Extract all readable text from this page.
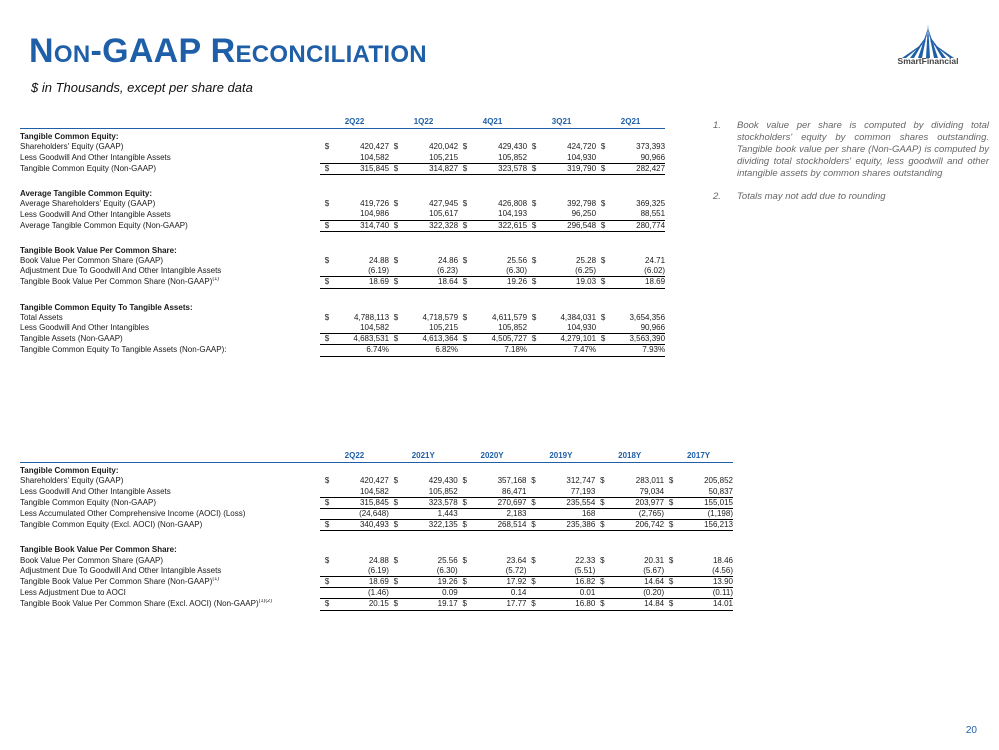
Non-GAAP Reconciliation
$ in Thousands, except per share data
SmartFinancial
1.	Book value per share is computed by dividing total stockholders' equity by common shares outstanding. Tangible book value per share (Non-GAAP) is computed by dividing total stockholders' equity, less goodwill and other intangible assets by common shares outstanding
2.	Totals may not add due to rounding
	2Q22		1Q22		4Q21		3Q21		2Q21	

Tangible Common Equity:										
Shareholders' Equity (GAAP)	$	420,427	$	420,042	$	429,430	$	424,720	$	373,393
Less Goodwill And Other Intangible Assets		104,582		105,215		105,852		104,930		90,966
Tangible Common Equity (Non-GAAP)	$	315,845	$	314,827	$	323,578	$	319,790	$	282,427

Average Tangible Common Equity:										
Average Shareholders' Equity (GAAP)	$	419,726	$	427,945	$	426,808	$	392,798	$	369,325
Less Goodwill And Other Intangible Assets		104,986		105,617		104,193		96,250		88,551
Average Tangible Common Equity (Non-GAAP)	$	314,740	$	322,328	$	322,615	$	296,548	$	280,774

Tangible Book Value Per Common Share:										
Book Value Per Common Share (GAAP)	$	24.88	$	24.86	$	25.56	$	25.28	$	24.71
Adjustment Due To Goodwill And Other Intangible Assets		(6.19)		(6.23)		(6.30)		(6.25)		(6.02)
Tangible Book Value Per Common Share (Non-GAAP)$^{(1)}$	$	18.69	$	18.64	$	19.26	$	19.03	$	18.69

Tangible Common Equity To Tangible Assets:										
Total Assets	$	4,788,113	$	4,718,579	$	4,611,579	$	4,384,031	$	3,654,356
Less Goodwill And Other Intangibles		104,582		105,215		105,852		104,930		90,966
Tangible Assets (Non-GAAP)	$	4,683,531	$	4,613,364	$	4,505,727	$	4,279,101	$	3,563,390
Tangible Common Equity To Tangible Assets (Non-GAAP):		6.74%		6.82%		7.18%		7.47%		7.93%
	2Q22		2021Y		2020Y		2019Y		2018Y		2017Y	

Tangible Common Equity:												
Shareholders' Equity (GAAP)	$	420,427	$	429,430	$	357,168	$	312,747	$	283,011	$	205,852
Less Goodwill And Other Intangible Assets		104,582		105,852		86,471		77,193		79,034		50,837
Tangible Common Equity (Non-GAAP)	$	315,845	$	323,578	$	270,697	$	235,554	$	203,977	$	155,015
Less Accumulated Other Comprehensive Income (AOCI) (Loss)		(24,648)		1,443		2,183		168		(2,765)		(1,198)
Tangible Common Equity (Excl. AOCI) (Non-GAAP)	$	340,493	$	322,135	$	268,514	$	235,386	$	206,742	$	156,213

Tangible Book Value Per Common Share:												
Book Value Per Common Share (GAAP)	$	24.88	$	25.56	$	23.64	$	22.33	$	20.31	$	18.46
Adjustment Due To Goodwill And Other Intangible Assets		(6.19)		(6.30)		(5.72)		(5.51)		(5.67)		(4.56)
Tangible Book Value Per Common Share (Non-GAAP)$^{(1)}$	$	18.69	$	19.26	$	17.92	$	16.82	$	14.64	$	13.90
Less Adjustment Due to AOCI		(1.46)		0.09		0.14		0.01		(0.20)		(0.11)
Tangible Book Value Per Common Share (Excl. AOCI) (Non-GAAP)$^{(1)(2)}$	$	20.15	$	19.17	$	17.77	$	16.80	$	14.84	$	14.01
20
